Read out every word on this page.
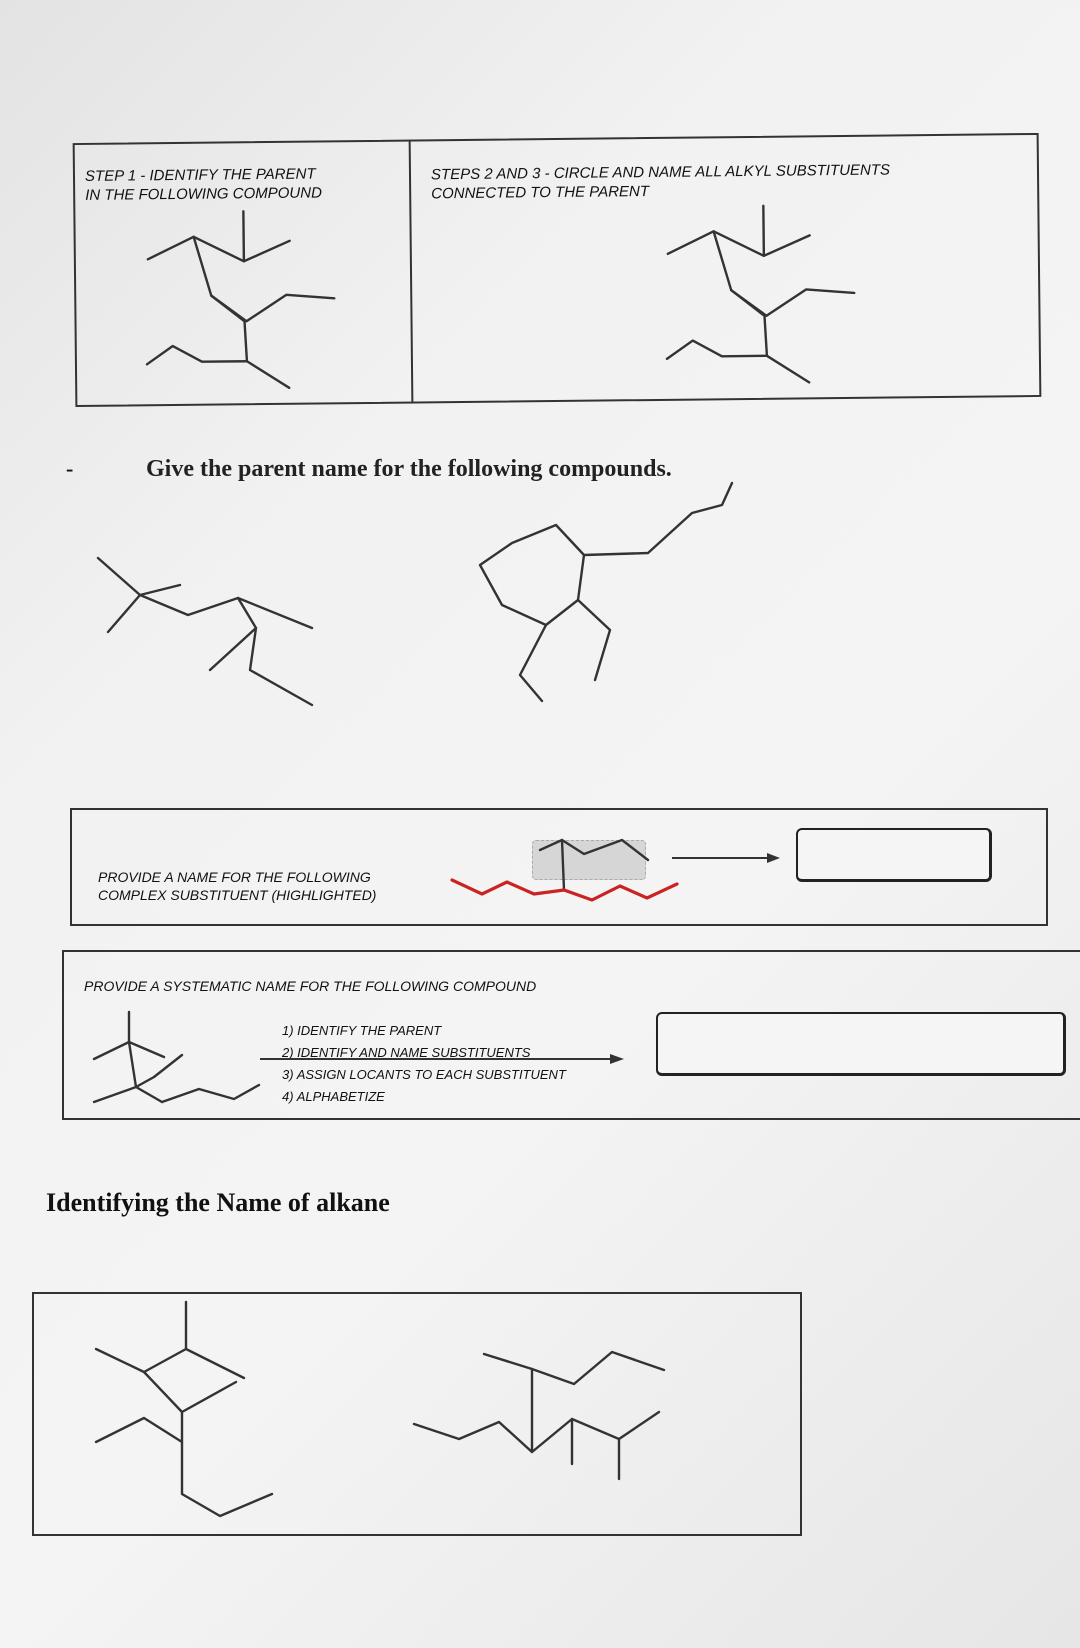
STEP 1 - IDENTIFY THE PARENT
IN THE FOLLOWING COMPOUND
STEPS 2 AND 3 - CIRCLE AND NAME ALL ALKYL SUBSTITUENTS
CONNECTED TO THE PARENT
-	Give the parent name for the following compounds.
PROVIDE A NAME FOR THE FOLLOWING
COMPLEX SUBSTITUENT (HIGHLIGHTED)
PROVIDE A SYSTEMATIC NAME FOR THE FOLLOWING COMPOUND
1) IDENTIFY THE PARENT
2) IDENTIFY AND NAME SUBSTITUENTS
3) ASSIGN LOCANTS TO EACH SUBSTITUENT
4) ALPHABETIZE
Identifying the Name of alkane
